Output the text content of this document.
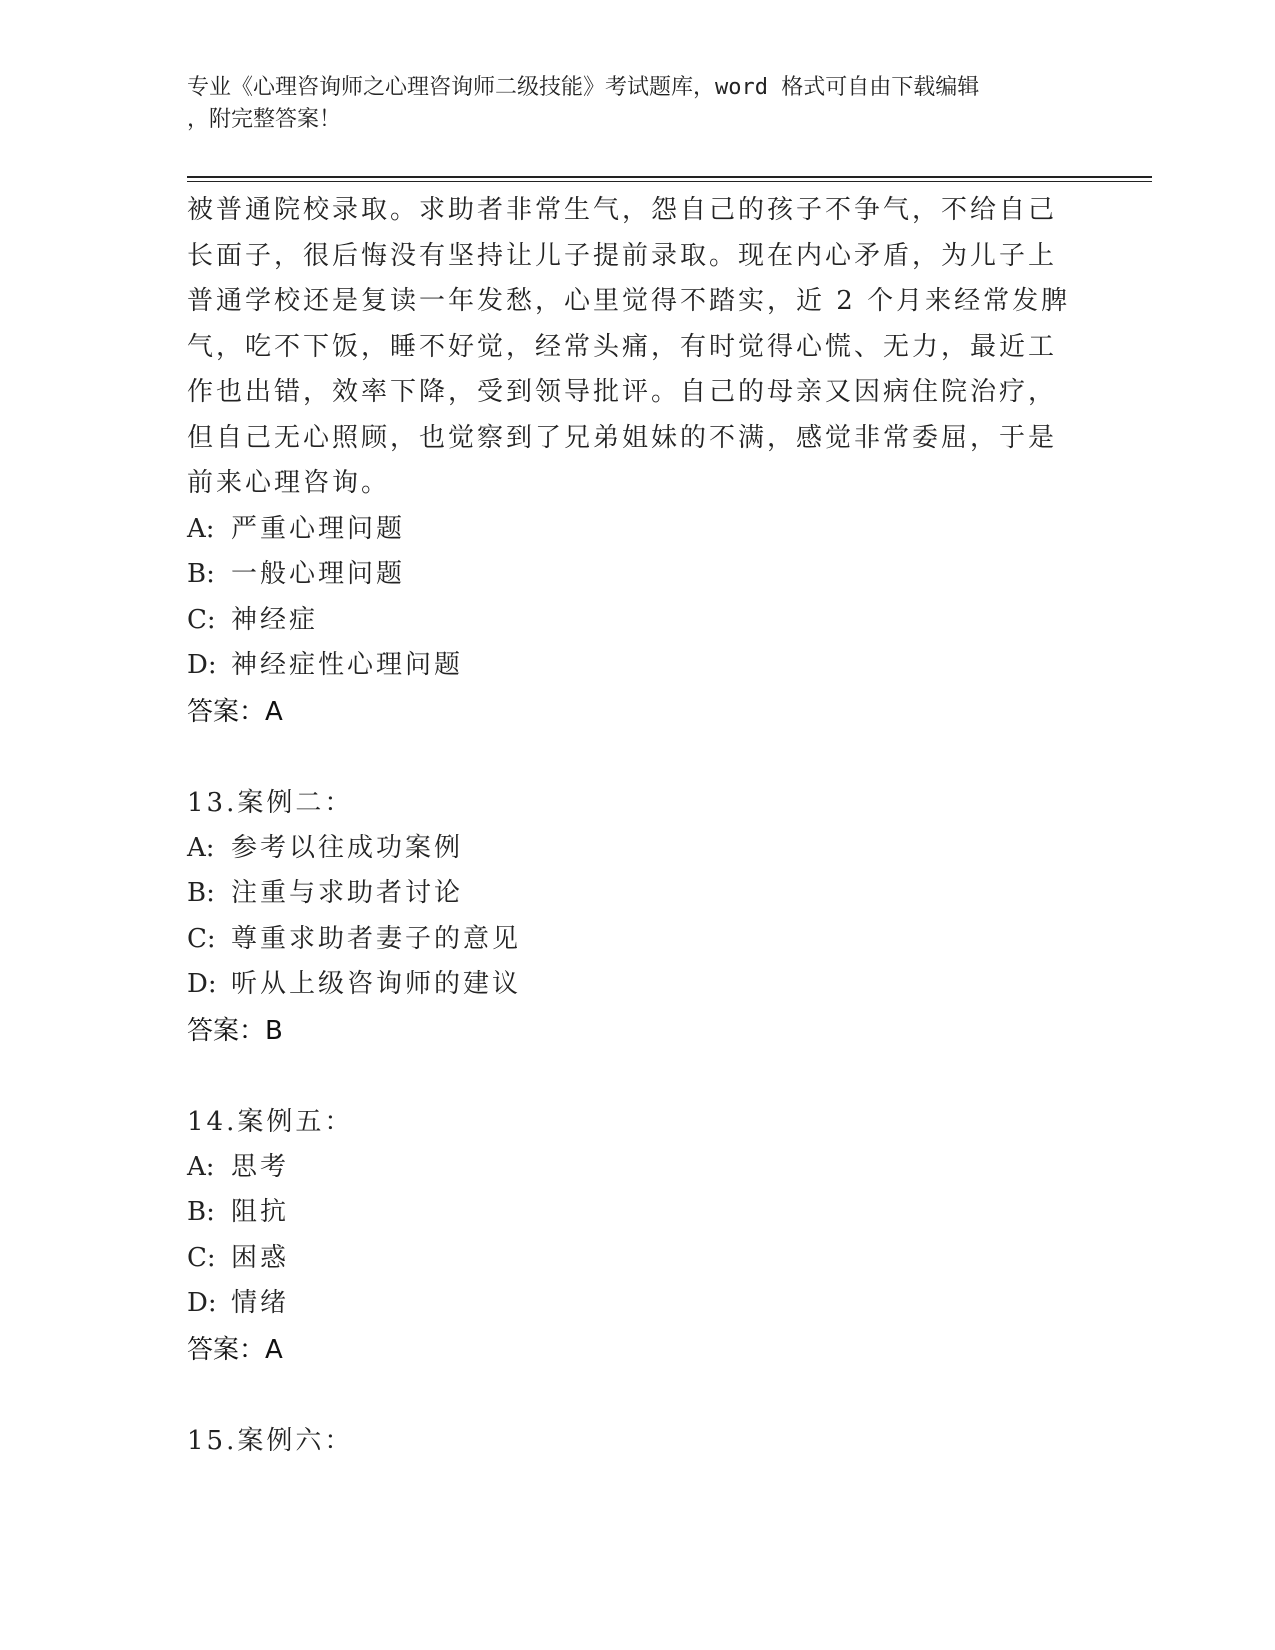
专业《心理咨询师之心理咨询师二级技能》考试题库，word 格式可自由下载编辑
，附完整答案！

被普通院校录取。求助者非常生气，怨自己的孩子不争气，不给自己

长面子，很后悔没有坚持让儿子提前录取。现在内心矛盾，为儿子上

普通学校还是复读一年发愁，心里觉得不踏实，近 2 个月来经常发脾

气，吃不下饭，睡不好觉，经常头痛，有时觉得心慌、无力，最近工

作也出错，效率下降，受到领导批评。自己的母亲又因病住院治疗，

但自己无心照顾，也觉察到了兄弟姐妹的不满，感觉非常委屈，于是

前来心理咨询。

A: 严重心理问题
B: 一般心理问题
C: 神经症
D: 神经症性心理问题
答案：A
13.案例二：
A: 参考以往成功案例
B: 注重与求助者讨论
C: 尊重求助者妻子的意见
D: 听从上级咨询师的建议
答案：B
14.案例五：
A: 思考
B: 阻抗
C: 困惑
D: 情绪
答案：A
15.案例六：
